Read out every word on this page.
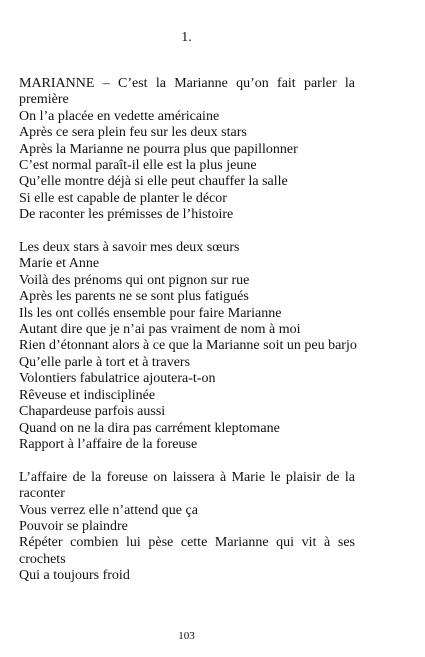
1.
MARIANNE – C’est la Marianne qu’on fait parler la première
On l’a placée en vedette américaine
Après ce sera plein feu sur les deux stars
Après la Marianne ne pourra plus que papillonner
C’est normal paraît-il elle est la plus jeune
Qu’elle montre déjà si elle peut chauffer la salle
Si elle est capable de planter le décor
De raconter les prémisses de l’histoire
Les deux stars à savoir mes deux sœurs
Marie et Anne
Voilà des prénoms qui ont pignon sur rue
Après les parents ne se sont plus fatigués
Ils les ont collés ensemble pour faire Marianne
Autant dire que je n’ai pas vraiment de nom à moi
Rien d’étonnant alors à ce que la Marianne soit un peu barjo
Qu’elle parle à tort et à travers
Volontiers fabulatrice ajoutera-t-on
Rêveuse et indisciplinée
Chapardeuse parfois aussi
Quand on ne la dira pas carrément kleptomane
Rapport à l’affaire de la foreuse
L’affaire de la foreuse on laissera à Marie le plaisir de la raconter
Vous verrez elle n’attend que ça
Pouvoir se plaindre
Répéter combien lui pèse cette Marianne qui vit à ses crochets
Qui a toujours froid
103
